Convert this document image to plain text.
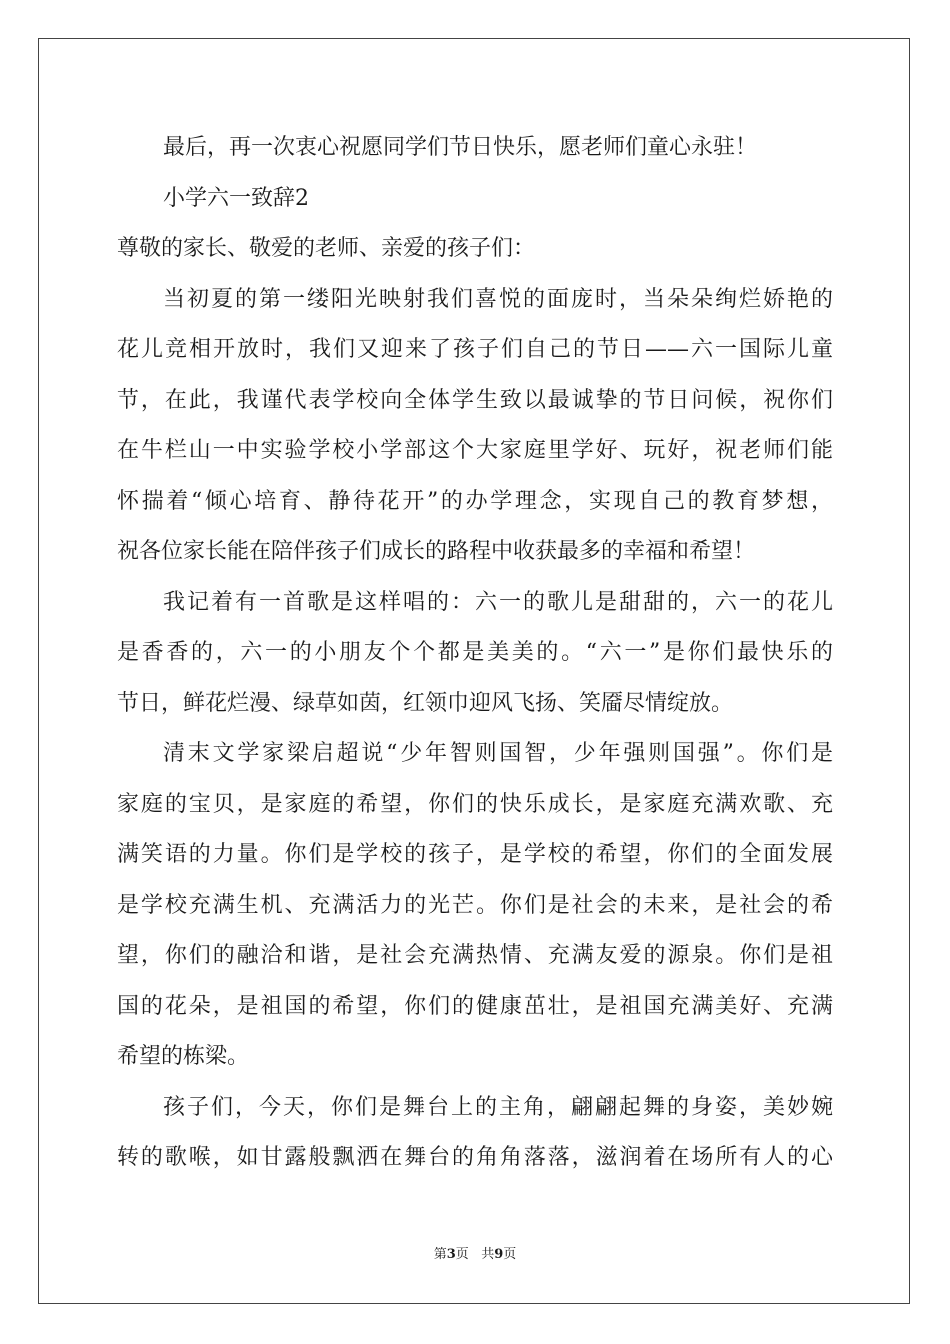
最后，再一次衷心祝愿同学们节日快乐，愿老师们童心永驻！
小学六一致辞2
尊敬的家长、敬爱的老师、亲爱的孩子们：
当初夏的第一缕阳光映射我们喜悦的面庞时，当朵朵绚烂娇艳的
花儿竞相开放时，我们又迎来了孩子们自己的节日——六一国际儿童
节，在此，我谨代表学校向全体学生致以最诚挚的节日问候，祝你们
在牛栏山一中实验学校小学部这个大家庭里学好、玩好，祝老师们能
怀揣着“倾心培育、静待花开”的办学理念，实现自己的教育梦想，
祝各位家长能在陪伴孩子们成长的路程中收获最多的幸福和希望！
我记着有一首歌是这样唱的：六一的歌儿是甜甜的，六一的花儿
是香香的，六一的小朋友个个都是美美的。“六一”是你们最快乐的
节日，鲜花烂漫、绿草如茵，红领巾迎风飞扬、笑靥尽情绽放。
清末文学家梁启超说“少年智则国智，少年强则国强”。你们是
家庭的宝贝，是家庭的希望，你们的快乐成长，是家庭充满欢歌、充
满笑语的力量。你们是学校的孩子，是学校的希望，你们的全面发展
是学校充满生机、充满活力的光芒。你们是社会的未来，是社会的希
望，你们的融洽和谐，是社会充满热情、充满友爱的源泉。你们是祖
国的花朵，是祖国的希望，你们的健康茁壮，是祖国充满美好、充满
希望的栋梁。
孩子们，今天，你们是舞台上的主角，翩翩起舞的身姿，美妙婉
转的歌喉，如甘露般飘洒在舞台的角角落落，滋润着在场所有人的心
第3页 共9页
